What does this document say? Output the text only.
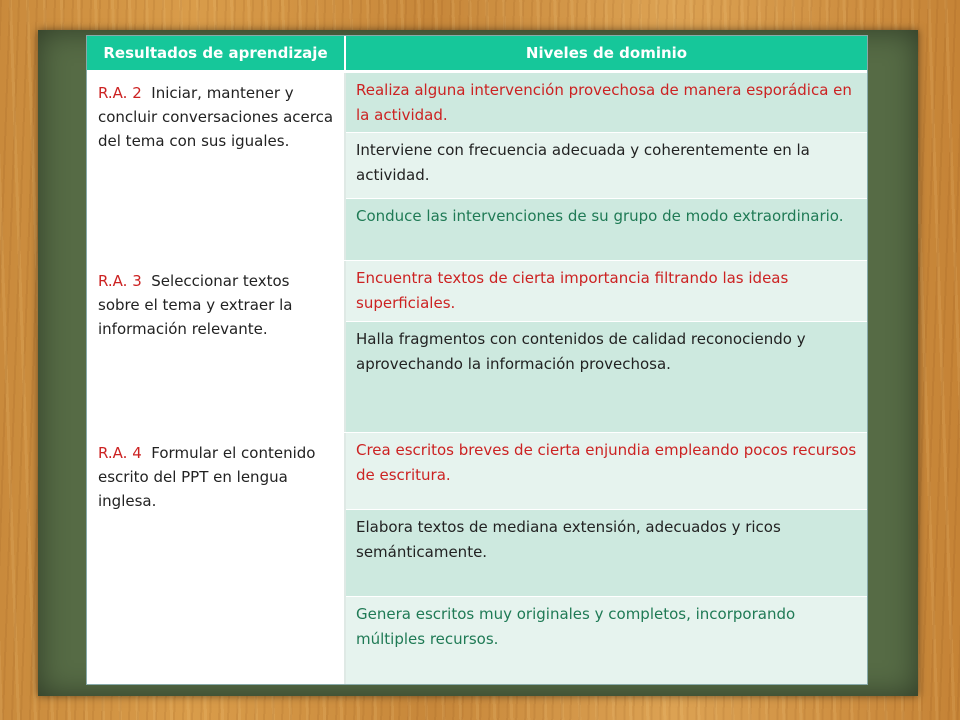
Resultados de aprendizaje	Niveles de dominio
R.A. 2 Iniciar, mantener y concluir conversaciones acerca del tema con sus iguales.
Realiza alguna intervención provechosa de manera esporádica en la actividad.
Interviene con frecuencia adecuada y coherentemente en la actividad.
Conduce las intervenciones de su grupo de modo extraordinario.
R.A. 3 Seleccionar textos sobre el tema y extraer la información relevante.
Encuentra textos de cierta importancia filtrando las ideas superficiales.
Halla fragmentos con contenidos de calidad reconociendo y aprovechando la información provechosa.
R.A. 4 Formular el contenido escrito del PPT en lengua inglesa.
Crea escritos breves de cierta enjundia empleando pocos recursos de escritura.
Elabora textos de mediana extensión, adecuados y ricos semánticamente.
Genera escritos muy originales y completos, incorporando múltiples recursos.
